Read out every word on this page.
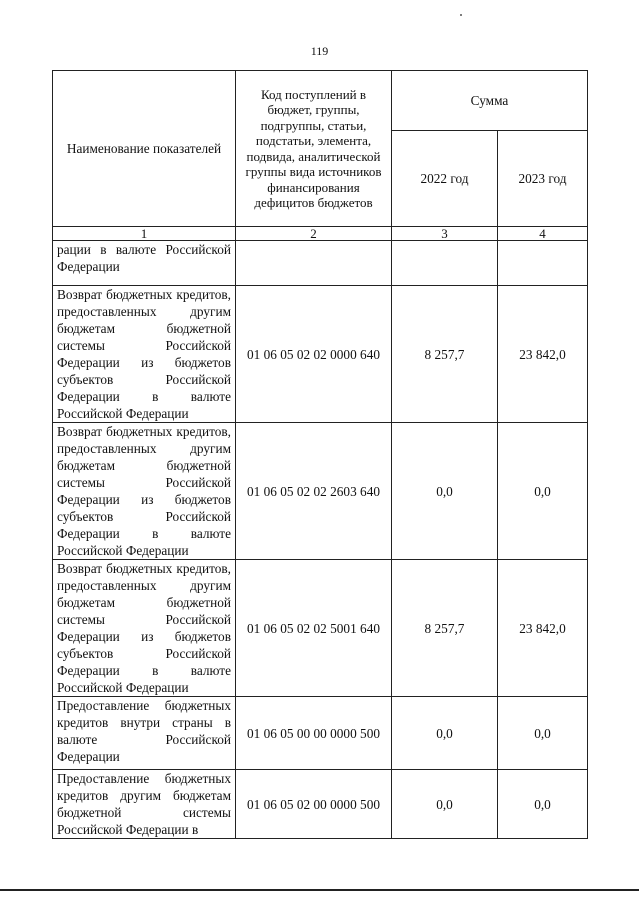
119
Наименование показателей	Код поступлений в бюджет, группы, подгруппы, статьи, подстатьи, элемента, подвида, аналитической группы вида источников финансирования дефицитов бюджетов	Сумма	
		2022 год	2023 год
1	2	3	4
рации в валюте Российской Федерации			
Возврат бюджетных кредитов, предоставленных другим бюджетам бюджетной системы Российской Федерации из бюджетов субъектов Российской Федерации в валюте Российской Федерации	01 06 05 02 02 0000 640	8 257,7	23 842,0
Возврат бюджетных кредитов, предоставленных другим бюджетам бюджетной системы Российской Федерации из бюджетов субъектов Российской Федерации в валюте Российской Федерации	01 06 05 02 02 2603 640	0,0	0,0
Возврат бюджетных кредитов, предоставленных другим бюджетам бюджетной системы Российской Федерации из бюджетов субъектов Российской Федерации в валюте Российской Федерации	01 06 05 02 02 5001 640	8 257,7	23 842,0
Предоставление бюджетных кредитов внутри страны в валюте Российской Федерации	01 06 05 00 00 0000 500	0,0	0,0
Предоставление бюджетных кредитов другим бюджетам бюджетной системы Российской Федерации в	01 06 05 02 00 0000 500	0,0	0,0
